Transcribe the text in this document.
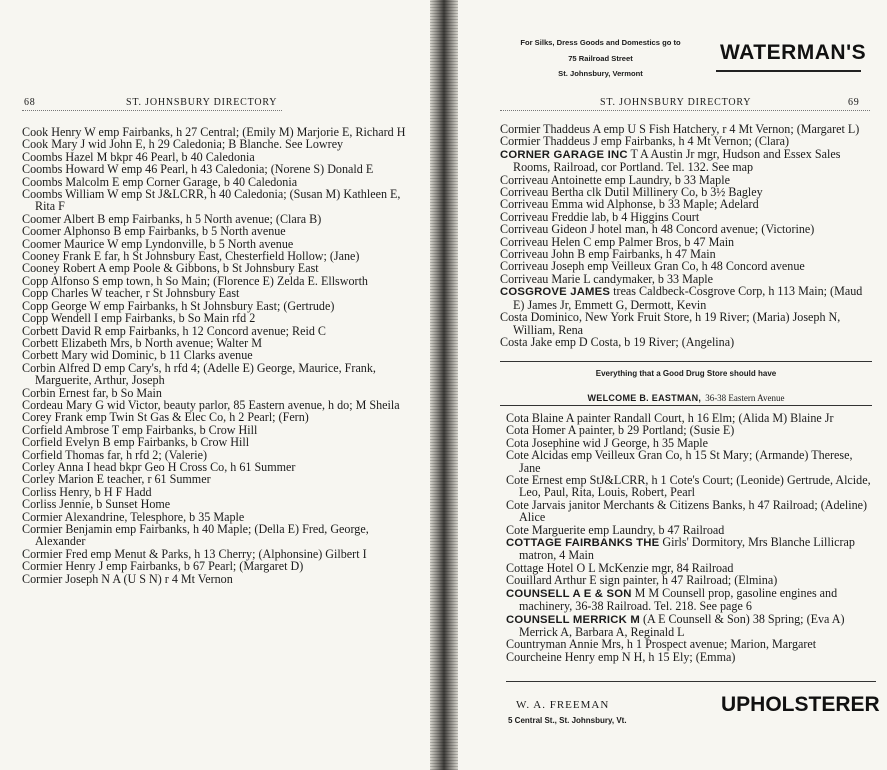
68	ST. JOHNSBURY DIRECTORY
Cook Henry W emp Fairbanks, h 27 Central; (Emily M) Marjorie E, Richard H
Cook Mary J wid John E, h 29 Caledonia; B Blanche. See Lowrey
Coombs Hazel M bkpr 46 Pearl, b 40 Caledonia
Coombs Howard W emp 46 Pearl, h 43 Caledonia; (Norene S) Donald E
Coombs Malcolm E emp Corner Garage, b 40 Caledonia
Coombs William W emp St J&LCRR, h 40 Caledonia; (Susan M) Kathleen E, Rita F
Coomer Albert B emp Fairbanks, h 5 North avenue; (Clara B)
Coomer Alphonso B emp Fairbanks, b 5 North avenue
Coomer Maurice W emp Lyndonville, b 5 North avenue
Cooney Frank E far, h St Johnsbury East, Chesterfield Hollow; (Jane)
Cooney Robert A emp Poole & Gibbons, b St Johnsbury East
Copp Alfonso S emp town, h So Main; (Florence E) Zelda E. Ellsworth
Copp Charles W teacher, r St Johnsbury East
Copp George W emp Fairbanks, h St Johnsbury East; (Gertrude)
Copp Wendell I emp Fairbanks, b So Main rfd 2
Corbett David R emp Fairbanks, h 12 Concord avenue; Reid C
Corbett Elizabeth Mrs, b North avenue; Walter M
Corbett Mary wid Dominic, b 11 Clarks avenue
Corbin Alfred D emp Cary's, h rfd 4; (Adelle E) George, Maurice, Frank, Marguerite, Arthur, Joseph
Corbin Ernest far, b So Main
Cordeau Mary G wid Victor, beauty parlor, 85 Eastern avenue, h do; M Sheila
Corey Frank emp Twin St Gas & Elec Co, h 2 Pearl; (Fern)
Corfield Ambrose T emp Fairbanks, b Crow Hill
Corfield Evelyn B emp Fairbanks, b Crow Hill
Corfield Thomas far, h rfd 2; (Valerie)
Corley Anna I head bkpr Geo H Cross Co, h 61 Summer
Corley Marion E teacher, r 61 Summer
Corliss Henry, b H F Hadd
Corliss Jennie, b Sunset Home
Cormier Alexandrine, Telesphore, b 35 Maple
Cormier Benjamin emp Fairbanks, h 40 Maple; (Della E) Fred, George, Alexander
Cormier Fred emp Menut & Parks, h 13 Cherry; (Alphonsine) Gilbert I
Cormier Henry J emp Fairbanks, b 67 Pearl; (Margaret D)
Cormier Joseph N A (U S N) r 4 Mt Vernon
For Silks, Dress Goods and Domestics go to
75 Railroad Street
St. Johnsbury, Vermont
WATERMAN'S
ST. JOHNSBURY DIRECTORY	69
Cormier Thaddeus A emp U S Fish Hatchery, r 4 Mt Vernon; (Margaret L)
Cormier Thaddeus J emp Fairbanks, h 4 Mt Vernon; (Clara)
CORNER GARAGE INC T A Austin Jr mgr, Hudson and Essex Sales Rooms, Railroad, cor Portland. Tel. 132. See map
Corriveau Antoinette emp Laundry, b 33 Maple
Corriveau Bertha clk Dutil Millinery Co, b 3½ Bagley
Corriveau Emma wid Alphonse, b 33 Maple; Adelard
Corriveau Freddie lab, b 4 Higgins Court
Corriveau Gideon J hotel man, h 48 Concord avenue; (Victorine)
Corriveau Helen C emp Palmer Bros, b 47 Main
Corriveau John B emp Fairbanks, h 47 Main
Corriveau Joseph emp Veilleux Gran Co, h 48 Concord avenue
Corriveau Marie L candymaker, b 33 Maple
COSGROVE JAMES treas Caldbeck-Cosgrove Corp, h 113 Main; (Maud E) James Jr, Emmett G, Dermott, Kevin
Costa Dominico, New York Fruit Store, h 19 River; (Maria) Joseph N, William, Rena
Costa Jake emp D Costa, b 19 River; (Angelina)
Everything that a Good Drug Store should have
WELCOME B. EASTMAN, 36-38 Eastern Avenue
Cota Blaine A painter Randall Court, h 16 Elm; (Alida M) Blaine Jr
Cota Homer A painter, b 29 Portland; (Susie E)
Cota Josephine wid J George, h 35 Maple
Cote Alcidas emp Veilleux Gran Co, h 15 St Mary; (Armande) Therese, Jane
Cote Ernest emp StJ&LCRR, h 1 Cote's Court; (Leonide) Gertrude, Alcide, Leo, Paul, Rita, Louis, Robert, Pearl
Cote Jarvais janitor Merchants & Citizens Banks, h 47 Railroad; (Adeline) Alice
Cote Marguerite emp Laundry, b 47 Railroad
COTTAGE FAIRBANKS THE Girls' Dormitory, Mrs Blanche Lillicrap matron, 4 Main
Cottage Hotel O L McKenzie mgr, 84 Railroad
Couillard Arthur E sign painter, h 47 Railroad; (Elmina)
COUNSELL A E & SON M M Counsell prop, gasoline engines and machinery, 36-38 Railroad. Tel. 218. See page 6
COUNSELL MERRICK M (A E Counsell & Son) 38 Spring; (Eva A) Merrick A, Barbara A, Reginald L
Countryman Annie Mrs, h 1 Prospect avenue; Marion, Margaret
Courcheine Henry emp N H, h 15 Ely; (Emma)
W. A. FREEMAN
5 Central St., St. Johnsbury, Vt.
UPHOLSTERER
